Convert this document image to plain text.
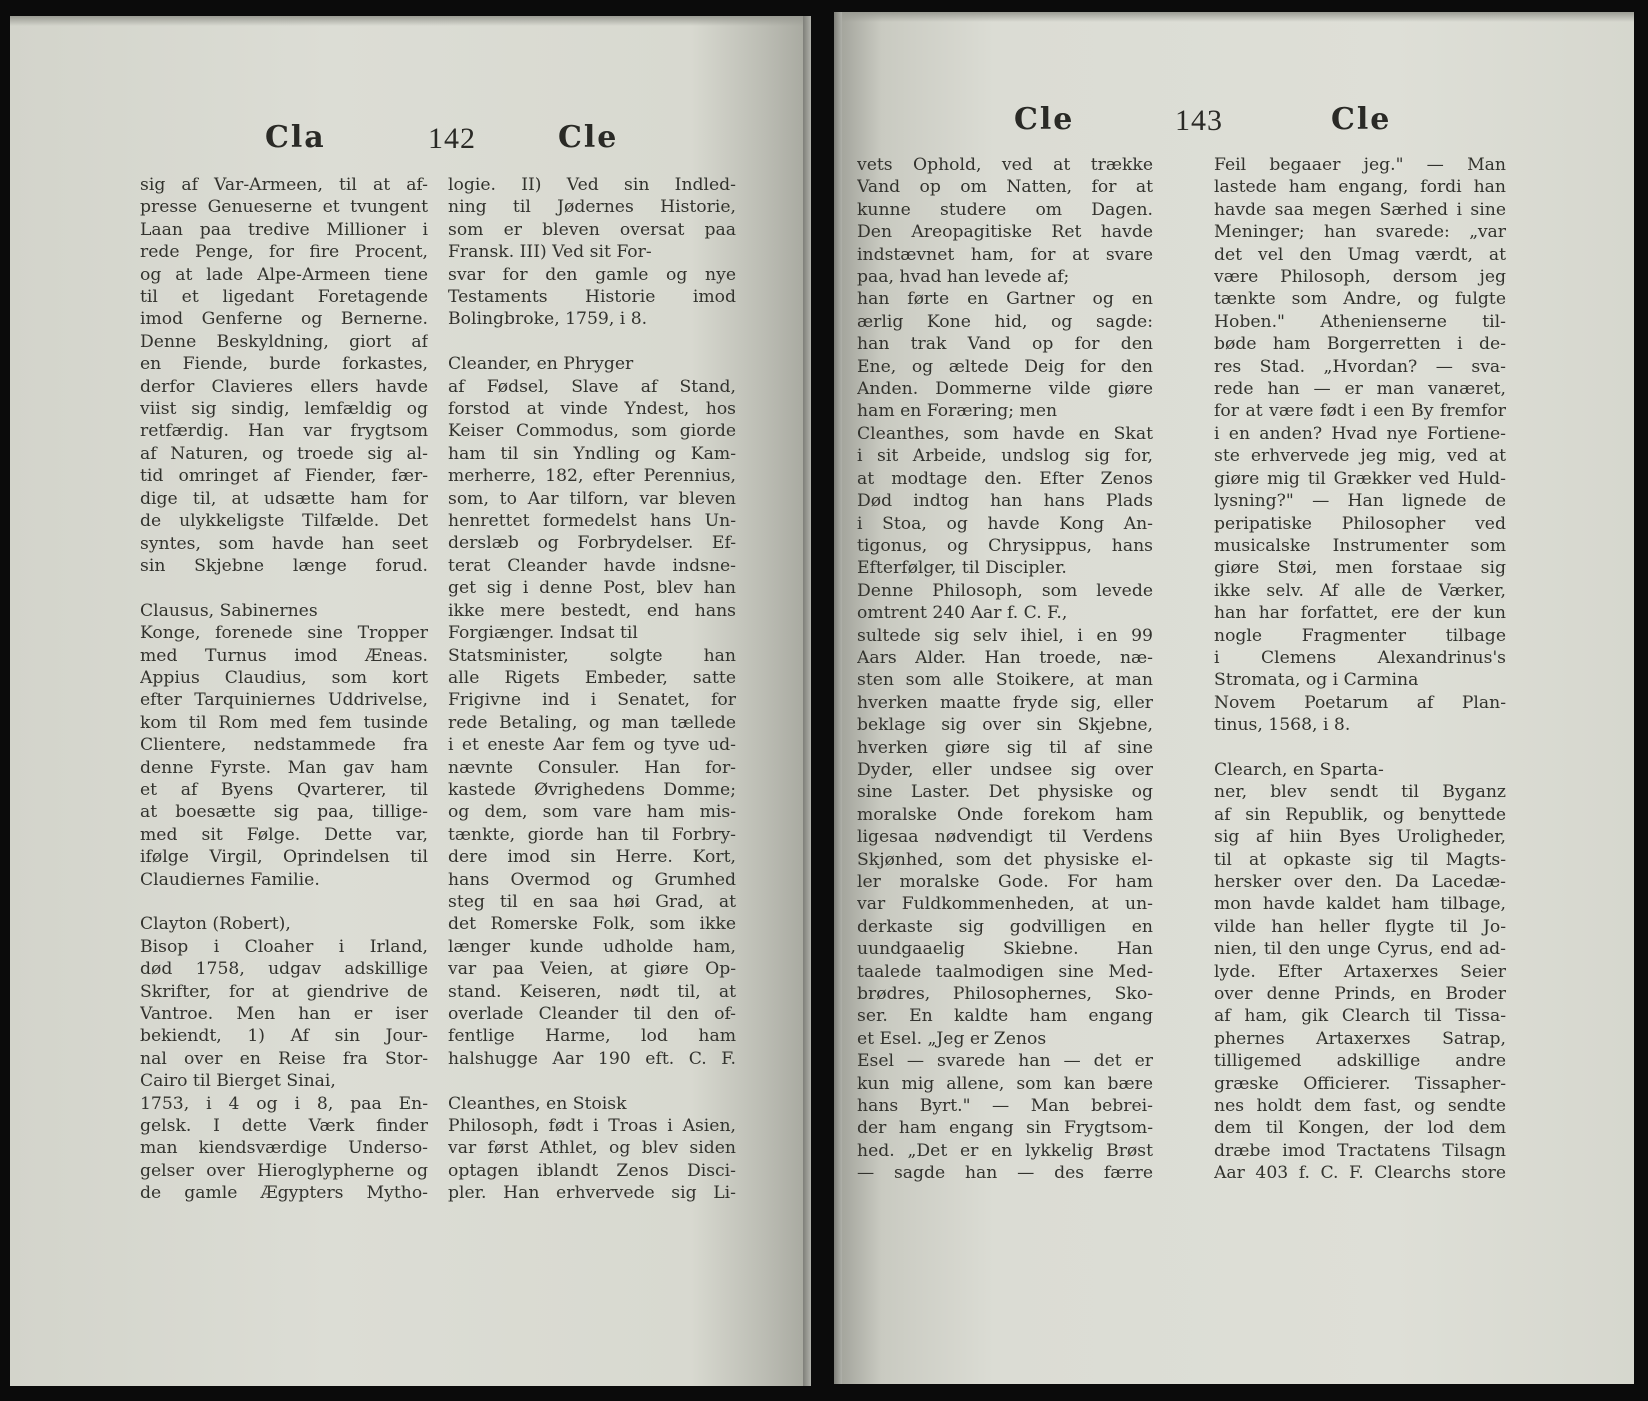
Cla	142	Cle
sig af Var-Armeen, til at af-
presse Genueserne et tvungent
Laan paa tredive Millioner i
rede Penge, for fire Procent,
og at lade Alpe-Armeen tiene
til et ligedant Foretagende
imod Genferne og Bernerne.
Denne Beskyldning, giort af
en Fiende, burde forkastes,
derfor Clavieres ellers havde
viist sig sindig, lemfældig og
retfærdig. Han var frygtsom
af Naturen, og troede sig al-
tid omringet af Fiender, fær-
dige til, at udsætte ham for
de ulykkeligste Tilfælde. Det
syntes, som havde han seet
sin Skjebne længe forud.
Clausus, Sabinernes
Konge, forenede sine Tropper
med Turnus imod Æneas.
Appius Claudius, som kort
efter Tarquiniernes Uddrivelse,
kom til Rom med fem tusinde
Clientere, nedstammede fra
denne Fyrste. Man gav ham
et af Byens Qvarterer, til
at boesætte sig paa, tillige-
med sit Følge. Dette var,
ifølge Virgil, Oprindelsen til
Claudiernes Familie.
Clayton (Robert),
Bisop i Cloaher i Irland,
død 1758, udgav adskillige
Skrifter, for at giendrive de
Vantroe. Men han er iser
bekiendt, 1) Af sin Jour-
nal over en Reise fra Stor-
Cairo til Bierget Sinai,
1753, i 4 og i 8, paa En-
gelsk. I dette Værk finder
man kiendsværdige Underso-
gelser over Hieroglypherne og
de gamle Ægypters Mytho-
logie. II) Ved sin Indled-
ning til Jødernes Historie,
som er bleven oversat paa
Fransk. III) Ved sit For-
svar for den gamle og nye
Testaments Historie imod
Bolingbroke, 1759, i 8.
Cleander, en Phryger
af Fødsel, Slave af Stand,
forstod at vinde Yndest, hos
Keiser Commodus, som giorde
ham til sin Yndling og Kam-
merherre, 182, efter Perennius,
som, to Aar tilforn, var bleven
henrettet formedelst hans Un-
derslæb og Forbrydelser. Ef-
terat Cleander havde indsne-
get sig i denne Post, blev han
ikke mere bestedt, end hans
Forgiænger. Indsat til
Statsminister, solgte han
alle Rigets Embeder, satte
Frigivne ind i Senatet, for
rede Betaling, og man tællede
i et eneste Aar fem og tyve ud-
nævnte Consuler. Han for-
kastede Øvrighedens Domme;
og dem, som vare ham mis-
tænkte, giorde han til Forbry-
dere imod sin Herre. Kort,
hans Overmod og Grumhed
steg til en saa høi Grad, at
det Romerske Folk, som ikke
længer kunde udholde ham,
var paa Veien, at giøre Op-
stand. Keiseren, nødt til, at
overlade Cleander til den of-
fentlige Harme, lod ham
halshugge Aar 190 eft. C. F.
Cleanthes, en Stoisk
Philosoph, født i Troas i Asien,
var først Athlet, og blev siden
optagen iblandt Zenos Disci-
pler. Han erhvervede sig Li-
Cle	143	Cle
vets Ophold, ved at trække
Vand op om Natten, for at
kunne studere om Dagen.
Den Areopagitiske Ret havde
indstævnet ham, for at svare
paa, hvad han levede af;
han førte en Gartner og en
ærlig Kone hid, og sagde:
han trak Vand op for den
Ene, og æltede Deig for den
Anden. Dommerne vilde giøre
ham en Foræring; men
Cleanthes, som havde en Skat
i sit Arbeide, undslog sig for,
at modtage den. Efter Zenos
Død indtog han hans Plads
i Stoa, og havde Kong An-
tigonus, og Chrysippus, hans
Efterfølger, til Discipler.
Denne Philosoph, som levede
omtrent 240 Aar f. C. F.,
sultede sig selv ihiel, i en 99
Aars Alder. Han troede, næ-
sten som alle Stoikere, at man
hverken maatte fryde sig, eller
beklage sig over sin Skjebne,
hverken giøre sig til af sine
Dyder, eller undsee sig over
sine Laster. Det physiske og
moralske Onde forekom ham
ligesaa nødvendigt til Verdens
Skjønhed, som det physiske el-
ler moralske Gode. For ham
var Fuldkommenheden, at un-
derkaste sig godvilligen en
uundgaaelig Skiebne. Han
taalede taalmodigen sine Med-
brødres, Philosophernes, Sko-
ser. En kaldte ham engang
et Esel. „Jeg er Zenos
Esel — svarede han — det er
kun mig allene, som kan bære
hans Byrt." — Man bebrei-
der ham engang sin Frygtsom-
hed. „Det er en lykkelig Brøst
— sagde han — des færre
Feil begaaer jeg." — Man
lastede ham engang, fordi han
havde saa megen Særhed i sine
Meninger; han svarede: „var
det vel den Umag værdt, at
være Philosoph, dersom jeg
tænkte som Andre, og fulgte
Hoben." Athenienserne til-
bøde ham Borgerretten i de-
res Stad. „Hvordan? — sva-
rede han — er man vanæret,
for at være født i een By fremfor
i en anden? Hvad nye Fortiene-
ste erhvervede jeg mig, ved at
giøre mig til Grækker ved Huld-
lysning?" — Han lignede de
peripatiske Philosopher ved
musicalske Instrumenter som
giøre Støi, men forstaae sig
ikke selv. Af alle de Værker,
han har forfattet, ere der kun
nogle Fragmenter tilbage
i Clemens Alexandrinus's
Stromata, og i Carmina
Novem Poetarum af Plan-
tinus, 1568, i 8.
Clearch, en Sparta-
ner, blev sendt til Byganz
af sin Republik, og benyttede
sig af hiin Byes Uroligheder,
til at opkaste sig til Magts-
hersker over den. Da Lacedæ-
mon havde kaldet ham tilbage,
vilde han heller flygte til Jo-
nien, til den unge Cyrus, end ad-
lyde. Efter Artaxerxes Seier
over denne Prinds, en Broder
af ham, gik Clearch til Tissa-
phernes Artaxerxes Satrap,
tilligemed adskillige andre
græske Officierer. Tissapher-
nes holdt dem fast, og sendte
dem til Kongen, der lod dem
dræbe imod Tractatens Tilsagn
Aar 403 f. C. F. Clearchs store
